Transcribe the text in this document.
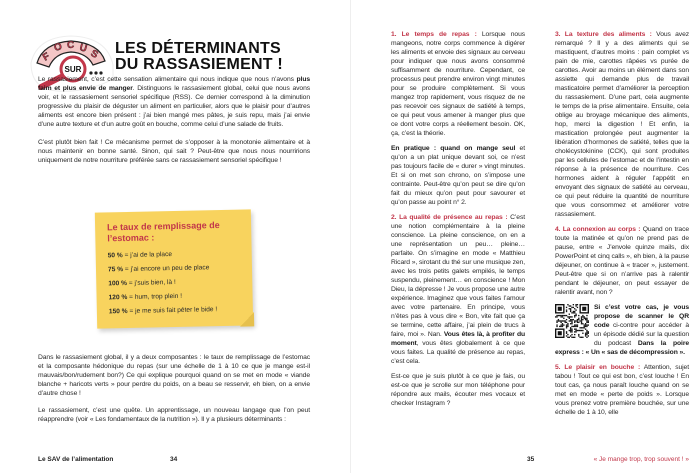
F
O C U S
SUR
LES DÉTERMINANTS
DU RASSASIEMENT !
Le rassasiement, c’est cette sensation alimentaire qui nous indique que nous n’avons plus faim et plus envie de manger. Distinguons le rassasiement global, celui que nous avons voir, et le rassasiement sensoriel spécifique (RSS). Ce dernier correspond à la diminution progressive du plaisir de déguster un aliment en particulier, alors que le plaisir pour d’autres aliments est encore bien présent : j’ai bien mangé mes pâtes, je suis repu, mais j’ai envie d’une autre texture et d’un autre goût en bouche, comme celui d’une salade de fruits.
C’est plutôt bien fait ! Ce mécanisme permet de s’opposer à la monotonie alimentaire et à nous maintenir en bonne santé. Sinon, qui sait ? Peut-être que nous nous nourririons uniquement de notre nourriture préférée sans ce rassasiement sensoriel spécifique !
Le taux de remplissage de l’estomac :
50 % = j’ai de la place
75 % = j’ai encore un peu de place
100 % = j’suis bien, là !
120 % = hum, trop plein !
150 % = je me suis fait péter le bide !
Dans le rassasiement global, il y a deux composantes : le taux de remplissage de l’estomac et la composante hédonique du repas (sur une échelle de 1 à 10 ce que je mange est-il mauvais/bon/rudement bon?) Ce qui explique pourquoi quand on se met en mode « viande blanche + haricots verts » pour perdre du poids, on a beau se resservir, eh bien, on a envie d’autre chose !
Le rassasiement, c’est une quête. Un apprentissage, un nouveau langage que l’on peut réapprendre (voir « Les fondamentaux de la nutrition »). Il y a plusieurs déterminants :
Le SAV de l’alimentation	34
1. Le temps de repas : Lorsque nous mangeons, notre corps commence à digérer les aliments et envoie des signaux au cerveau pour indiquer que nous avons consommé suffisamment de nourriture. Cependant, ce processus peut prendre environ vingt minutes pour se produire complètement. Si vous mangez trop rapidement, vous risquez de ne pas recevoir ces signaux de satiété à temps, ce qui peut vous amener à manger plus que ce dont votre corps a réellement besoin. OK, ça, c’est la théorie.
En pratique : quand on mange seul et qu’on a un plat unique devant soi, ce n’est pas toujours facile de « durer » vingt minutes. Et si on met son chrono, on s’impose une contrainte. Peut-être qu’on peut se dire qu’on fait du mieux qu’on peut pour savourer et qu’on passe au point n° 2.
2. La qualité de présence au repas : C’est une notion complémentaire à la pleine conscience. La pleine conscience, on en a une représentation un peu… pleine… parfaite. On s’imagine en mode « Matthieu Ricard », sirotant du thé sur une musique zen, avec les trois petits galets empilés, le temps suspendu, pleinement… en conscience ! Mon Dieu, la dépresse ! Je vous propose une autre expérience. Imaginez que vous faites l’amour avec votre partenaire. En principe, vous n’êtes pas à vous dire « Bon, vite fait que ça se termine, cette affaire, j’ai plein de trucs à faire, moi ». Nan. Vous êtes là, à profiter du moment, vous êtes globalement à ce que vous faites. La qualité de présence au repas, c’est cela.
Est-ce que je suis plutôt à ce que je fais, ou est-ce que je scrolle sur mon téléphone pour répondre aux mails, écouter mes vocaux et checker Instagram ?
3. La texture des aliments : Vous avez remarqué ? Il y a des aliments qui se mastiquent, d’autres moins : pain complet vs pain de mie, carottes râpées vs purée de carottes. Avoir au moins un élément dans son assiette qui demande plus de travail masticatoire permet d’améliorer la perception du rassasiement. D’une part, cela augmente le temps de la prise alimentaire. Ensuite, cela oblige au broyage mécanique des aliments, hop, merci la digestion ! Et enfin, la mastication prolongée peut augmenter la libération d’hormones de satiété, telles que la cholécystokinine (CCK), qui sont produites par les cellules de l’estomac et de l’intestin en réponse à la présence de nourriture. Ces hormones aident à réguler l’appétit en envoyant des signaux de satiété au cerveau, ce qui peut réduire la quantité de nourriture que vous consommez et améliorer votre rassasiement.
4. La connexion au corps : Quand on trace toute la matinée et qu’on ne prend pas de pause, entre « J’envole quinze mails, dix PowerPoint et cinq calls », eh bien, à la pause déjeuner, on continue à « tracer », justement. Peut-être que si on n’arrive pas à ralentir pendant le déjeuner, on peut essayer de ralentir avant, non ?
Si c’est votre cas, je vous propose de scanner le QR code ci-contre pour accéder à un épisode dédié sur la question du podcast Dans la poire express : « Un « sas de décompression ».
5. Le plaisir en bouche : Attention, sujet tabou ! Tout ce qui est bon, c’est louche ! En tout cas, ça nous paraît louche quand on se met en mode « perte de poids ». Lorsque vous prenez votre première bouchée, sur une échelle de 1 à 10, elle
35	« Je mange trop, trop souvent ! »
